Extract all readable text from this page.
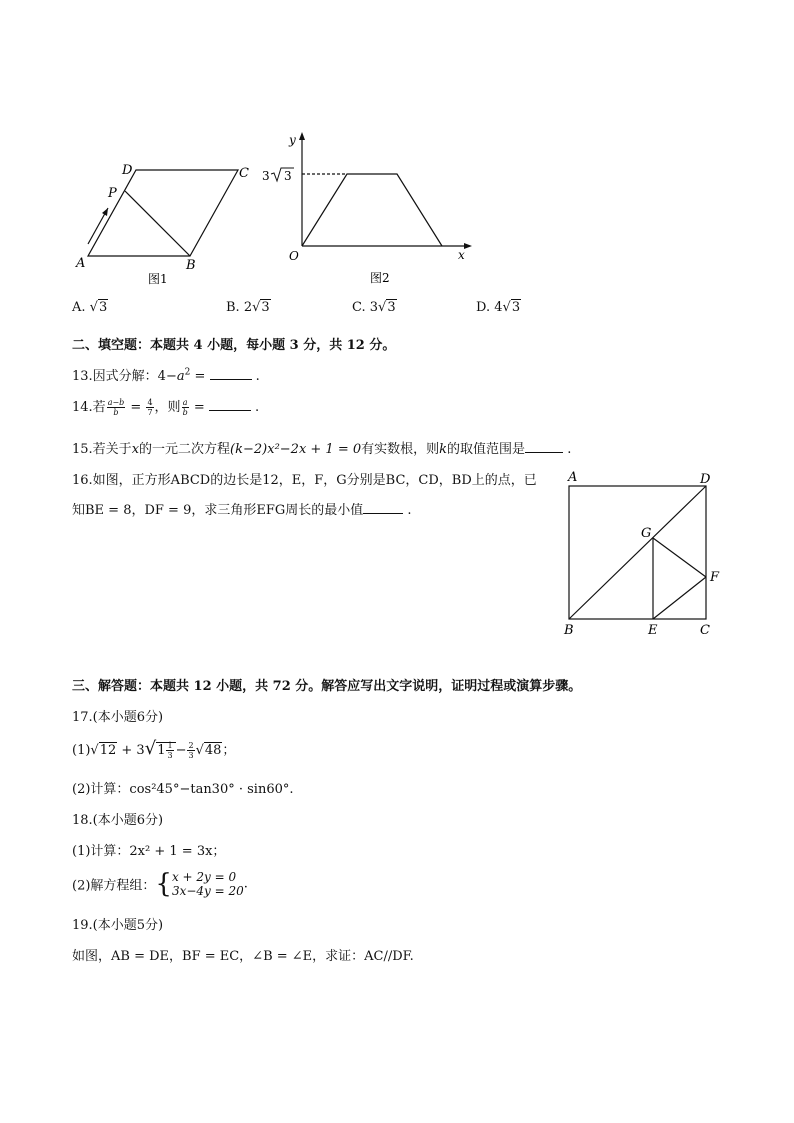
A	B
C
D
P
图1
y
x
O
3 3
图2
A. √3	B. 2√3	C. 3√3	D. 4√3
二、填空题：本题共 4 小题，每小题 3 分，共 12 分。
13.因式分解：$4-a^2$ =	.
14.若 $\frac{a-b}{b} = \frac{4}{7}$ ，则 $\frac{a}{b}$ =	.
15.若关于x的一元二次方程(k−2)x²−2x + 1 = 0有实数根，则k的取值范围是	.
16.如图，正方形ABCD的边长是12，E，F，G分别是BC，CD，BD上的点，已
知BE = 8，DF = 9，求三角形EFG周长的最小值	.
A	D
B	E	C
F
G
三、解答题：本题共 12 小题，共 72 分。解答应写出文字说明，证明过程或演算步骤。
17.(本小题6分)
$(1)√12 + 3√1 \frac{1}{3} - \frac{2}{3} √48$；
(2)计算：cos²45°−tan30° · sin60°.
18.(本小题6分)
(1)计算：2x² + 1 = 3x；
(2)解方程组：{ x + 2y = 0
3x−4y = 20 .
19.(本小题5分)
如图，AB = DE，BF = EC，∠B = ∠E，求证：AC//DF.
